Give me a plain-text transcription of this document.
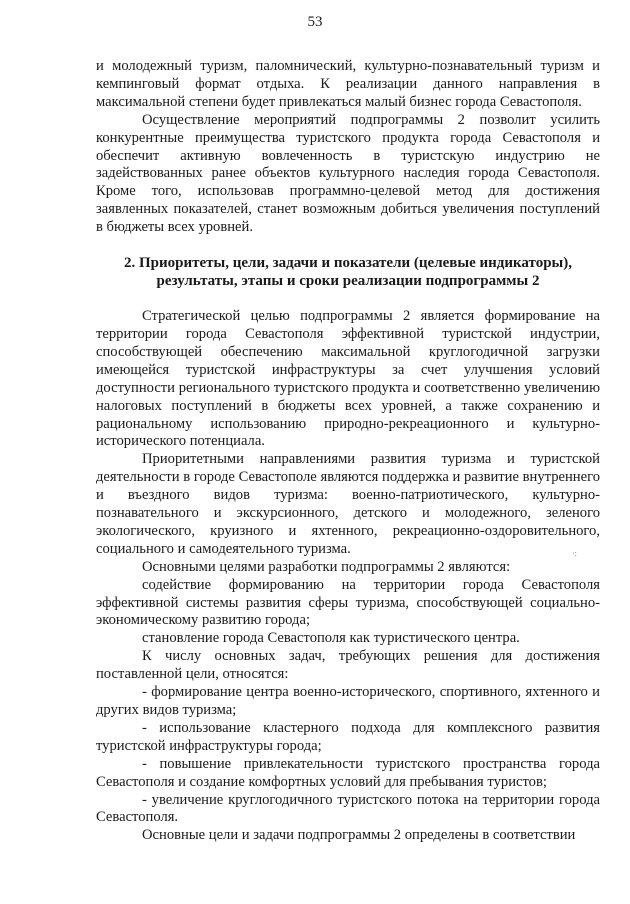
53

и молодежный туризм, паломнический, культурно-познавательный туризм и кемпинговый формат отдыха. К реализации данного направления в максимальной степени будет привлекаться малый бизнес города Севастополя.

Осуществление мероприятий подпрограммы 2 позволит усилить конкурентные преимущества туристского продукта города Севастополя и обеспечит активную вовлеченность в туристскую индустрию не задействованных ранее объектов культурного наследия города Севастополя. Кроме того, использовав программно-целевой метод для достижения заявленных показателей, станет возможным добиться увеличения поступлений в бюджеты всех уровней.

2. Приоритеты, цели, задачи и показатели (целевые индикаторы), результаты, этапы и сроки реализации подпрограммы 2

Стратегической целью подпрограммы 2 является формирование на территории города Севастополя эффективной туристской индустрии, способствующей обеспечению максимальной круглогодичной загрузки имеющейся туристской инфраструктуры за счет улучшения условий доступности регионального туристского продукта и соответственно увеличению налоговых поступлений в бюджеты всех уровней, а также сохранению и рациональному использованию природно-рекреационного и культурно-исторического потенциала.

Приоритетными направлениями развития туризма и туристской деятельности в городе Севастополе являются поддержка и развитие внутреннего и въездного видов туризма: военно-патриотического, культурно-познавательного и экскурсионного, детского и молодежного, зеленого экологического, круизного и яхтенного, рекреационно-оздоровительного, социального и самодеятельного туризма.

Основными целями разработки подпрограммы 2 являются:

содействие формированию на территории города Севастополя эффективной системы развития сферы туризма, способствующей социально-экономическому развитию города;

становление города Севастополя как туристического центра.

К числу основных задач, требующих решения для достижения поставленной цели, относятся:

- формирование центра военно-исторического, спортивного, яхтенного и других видов туризма;

- использование кластерного подхода для комплексного развития туристской инфраструктуры города;

- повышение привлекательности туристского пространства города Севастополя и создание комфортных условий для пребывания туристов;

- увеличение круглогодичного туристского потока на территории города Севастополя.

Основные цели и задачи подпрограммы 2 определены в соответствии

·:
